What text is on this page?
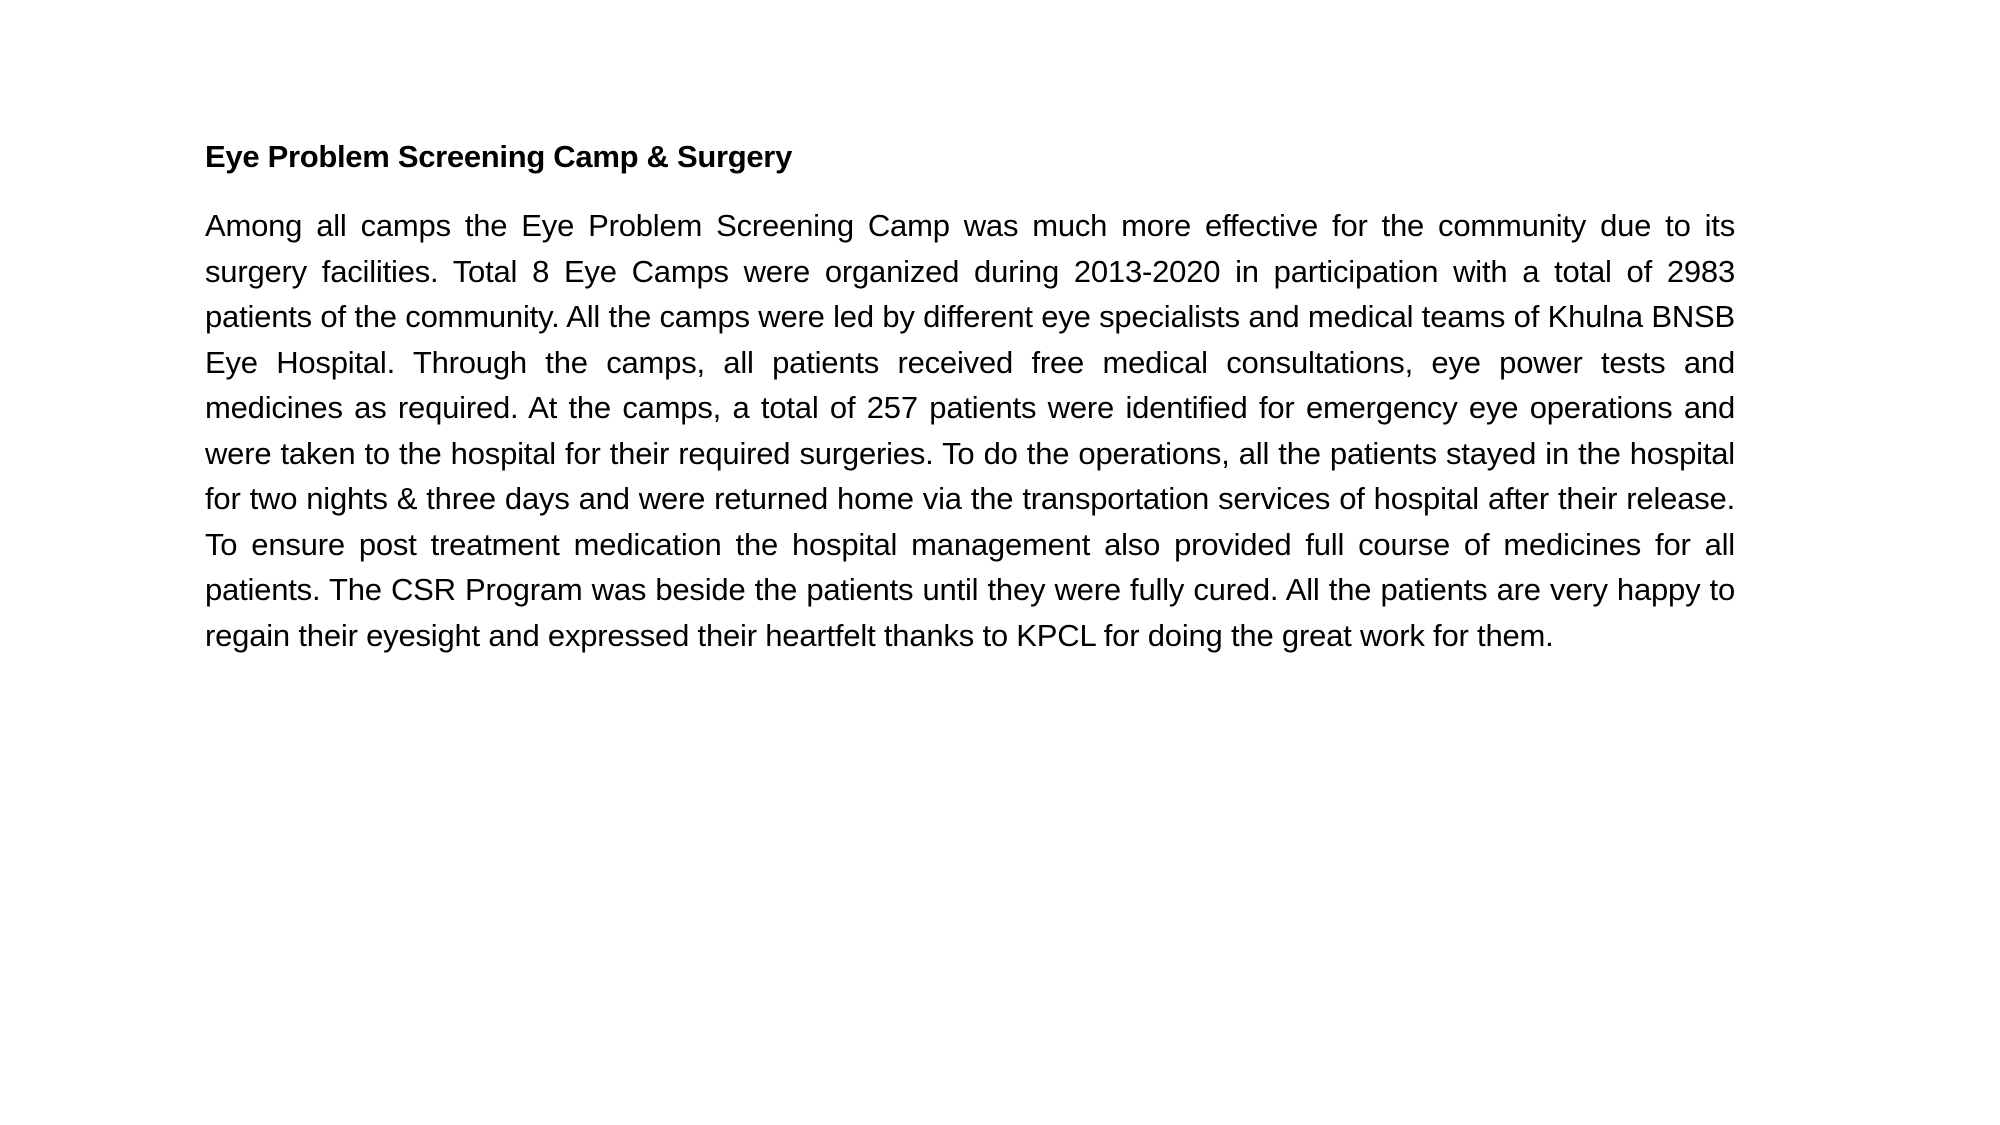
Eye Problem Screening Camp & Surgery

Among all camps the Eye Problem Screening Camp was much more effective for the community due to its surgery facilities. Total 8 Eye Camps were organized during 2013-2020 in participation with a total of 2983 patients of the community. All the camps were led by different eye specialists and medical teams of Khulna BNSB Eye Hospital. Through the camps, all patients received free medical consultations, eye power tests and medicines as required. At the camps, a total of 257 patients were identified for emergency eye operations and were taken to the hospital for their required surgeries. To do the operations, all the patients stayed in the hospital for two nights & three days and were returned home via the transportation services of hospital after their release. To ensure post treatment medication the hospital management also provided full course of medicines for all patients. The CSR Program was beside the patients until they were fully cured. All the patients are very happy to regain their eyesight and expressed their heartfelt thanks to KPCL for doing the great work for them.
